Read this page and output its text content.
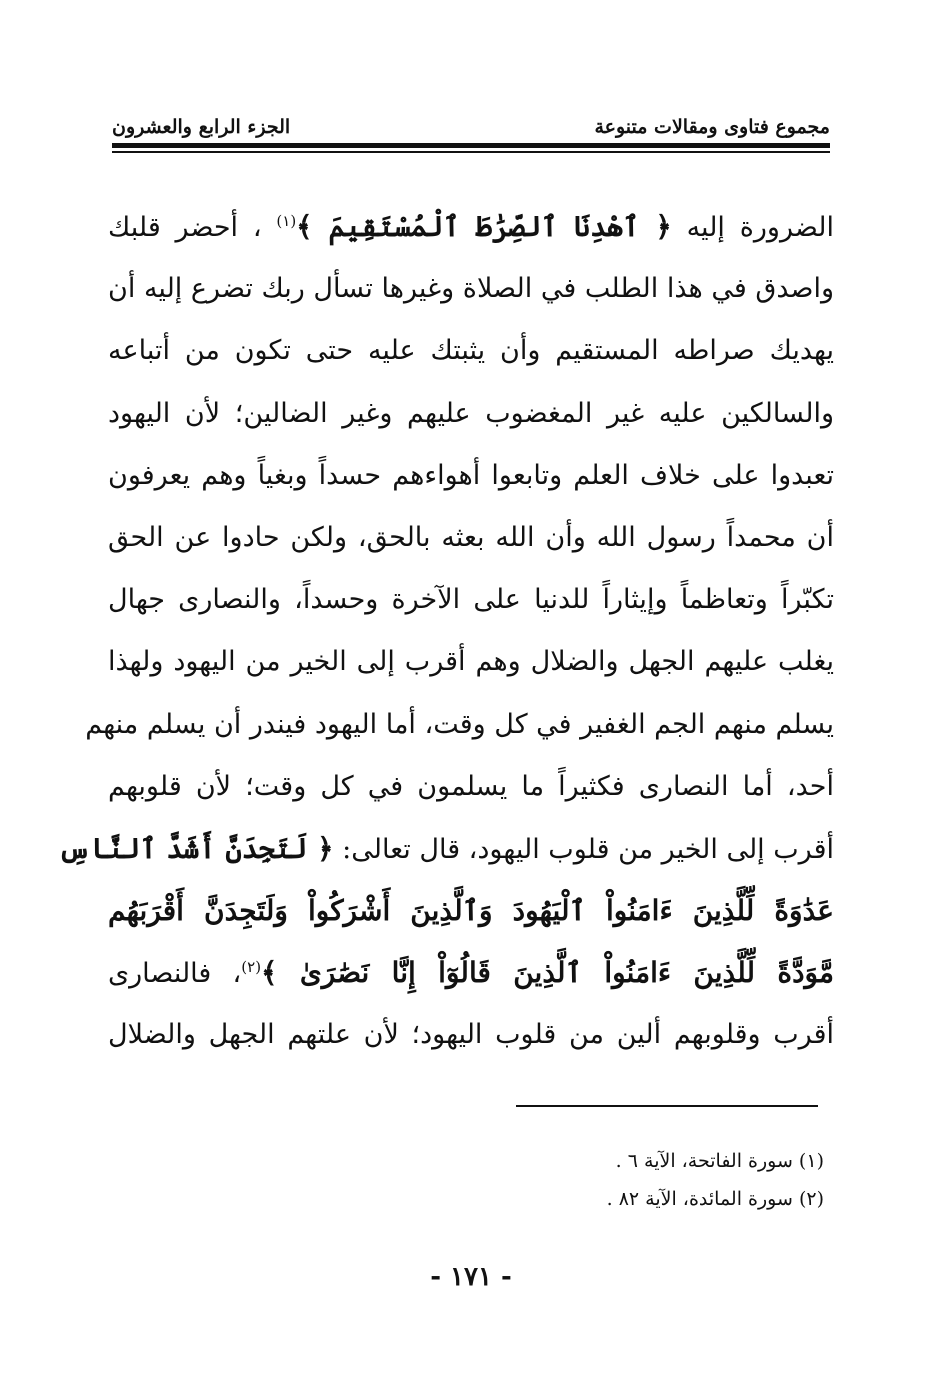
مجموع فتاوى ومقالات متنوعة
الجزء الرابع والعشرون
الضرورة إليه ﴿ ٱهْدِنَا ٱلصِّرَٰطَ ٱلْمُسْتَقِيمَ ﴾$^{(١)}$ ، أحضر قلبك
واصدق في هذا الطلب في الصلاة وغيرها تسأل ربك تضرع إليه أن
يهديك صراطه المستقيم وأن يثبتك عليه حتى تكون من أتباعه
والسالكين عليه غير المغضوب عليهم وغير الضالين؛ لأن اليهود
تعبدوا على خلاف العلم وتابعوا أهواءهم حسداً وبغياً وهم يعرفون
أن محمداً رسول الله وأن الله بعثه بالحق، ولكن حادوا عن الحق
تكبّراً وتعاظماً وإيثاراً للدنيا على الآخرة وحسداً، والنصارى جهال
يغلب عليهم الجهل والضلال وهم أقرب إلى الخير من اليهود ولهذا
يسلم منهم الجم الغفير في كل وقت، أما اليهود فيندر أن يسلم منهم
أحد، أما النصارى فكثيراً ما يسلمون في كل وقت؛ لأن قلوبهم
أقرب إلى الخير من قلوب اليهود، قال تعالى: ﴿ لَتَجِدَنَّ أَشَدَّ ٱلنَّاسِ
عَدَٰوَةً لِّلَّذِينَ ءَامَنُواْ ٱلْيَهُودَ وَٱلَّذِينَ أَشْرَكُواْ وَلَتَجِدَنَّ أَقْرَبَهُم
مَّوَدَّةً لِّلَّذِينَ ءَامَنُواْ ٱلَّذِينَ قَالُوٓاْ إِنَّا نَصَٰرَىٰ ﴾$^{(٢)}$، فالنصارى
أقرب وقلوبهم ألين من قلوب اليهود؛ لأن علتهم الجهل والضلال
(١) سورة الفاتحة، الآية ٦ .
(٢) سورة المائدة، الآية ٨٢ .
- ١٧١ -
